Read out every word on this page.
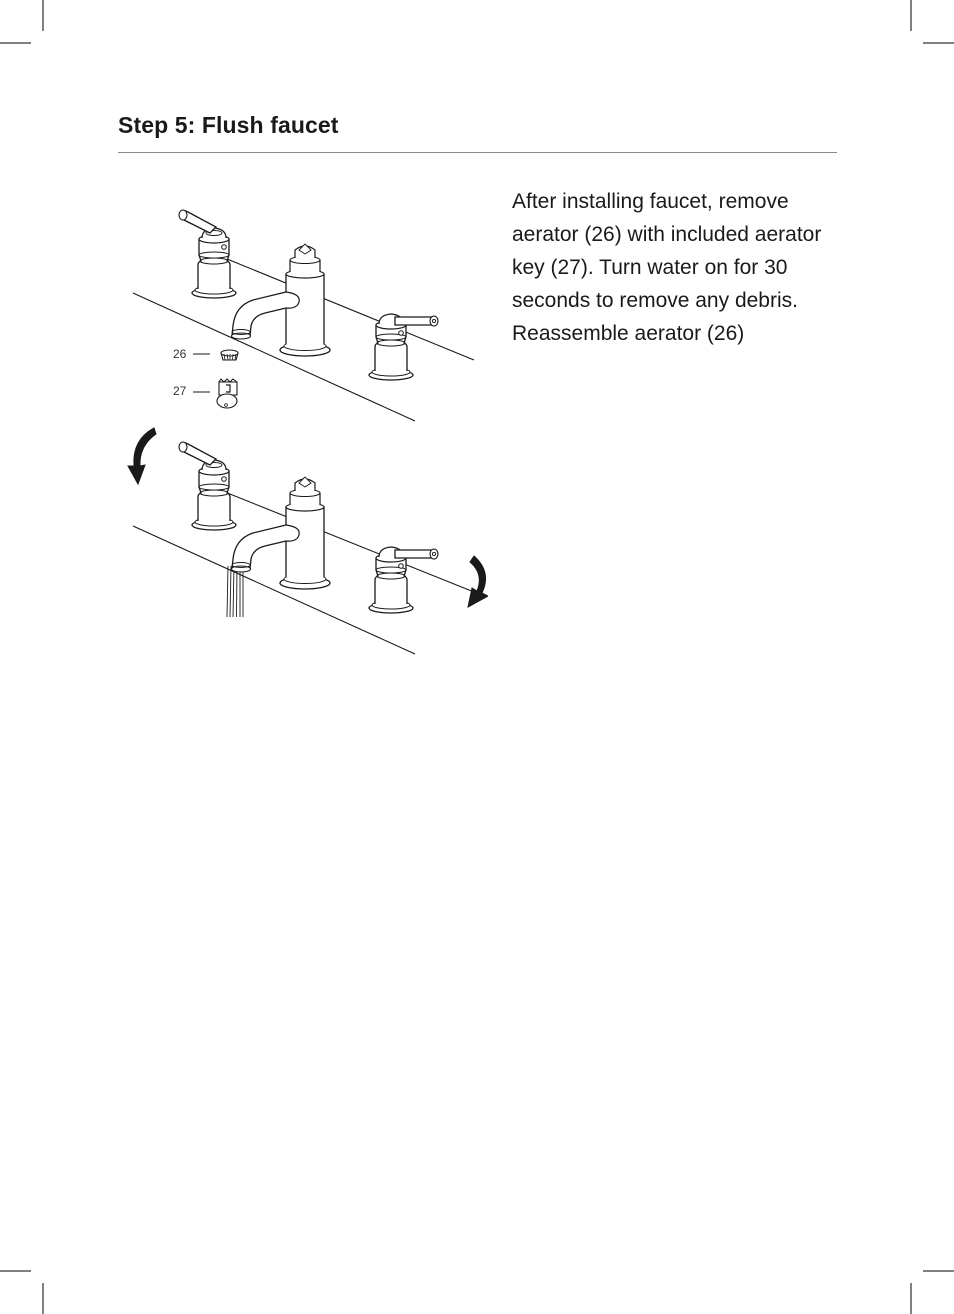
Step 5: Flush faucet

After installing faucet, remove aerator (26) with included aerator key (27). Turn water on for 30 seconds to remove any debris. Reassemble aerator (26)

26
27
